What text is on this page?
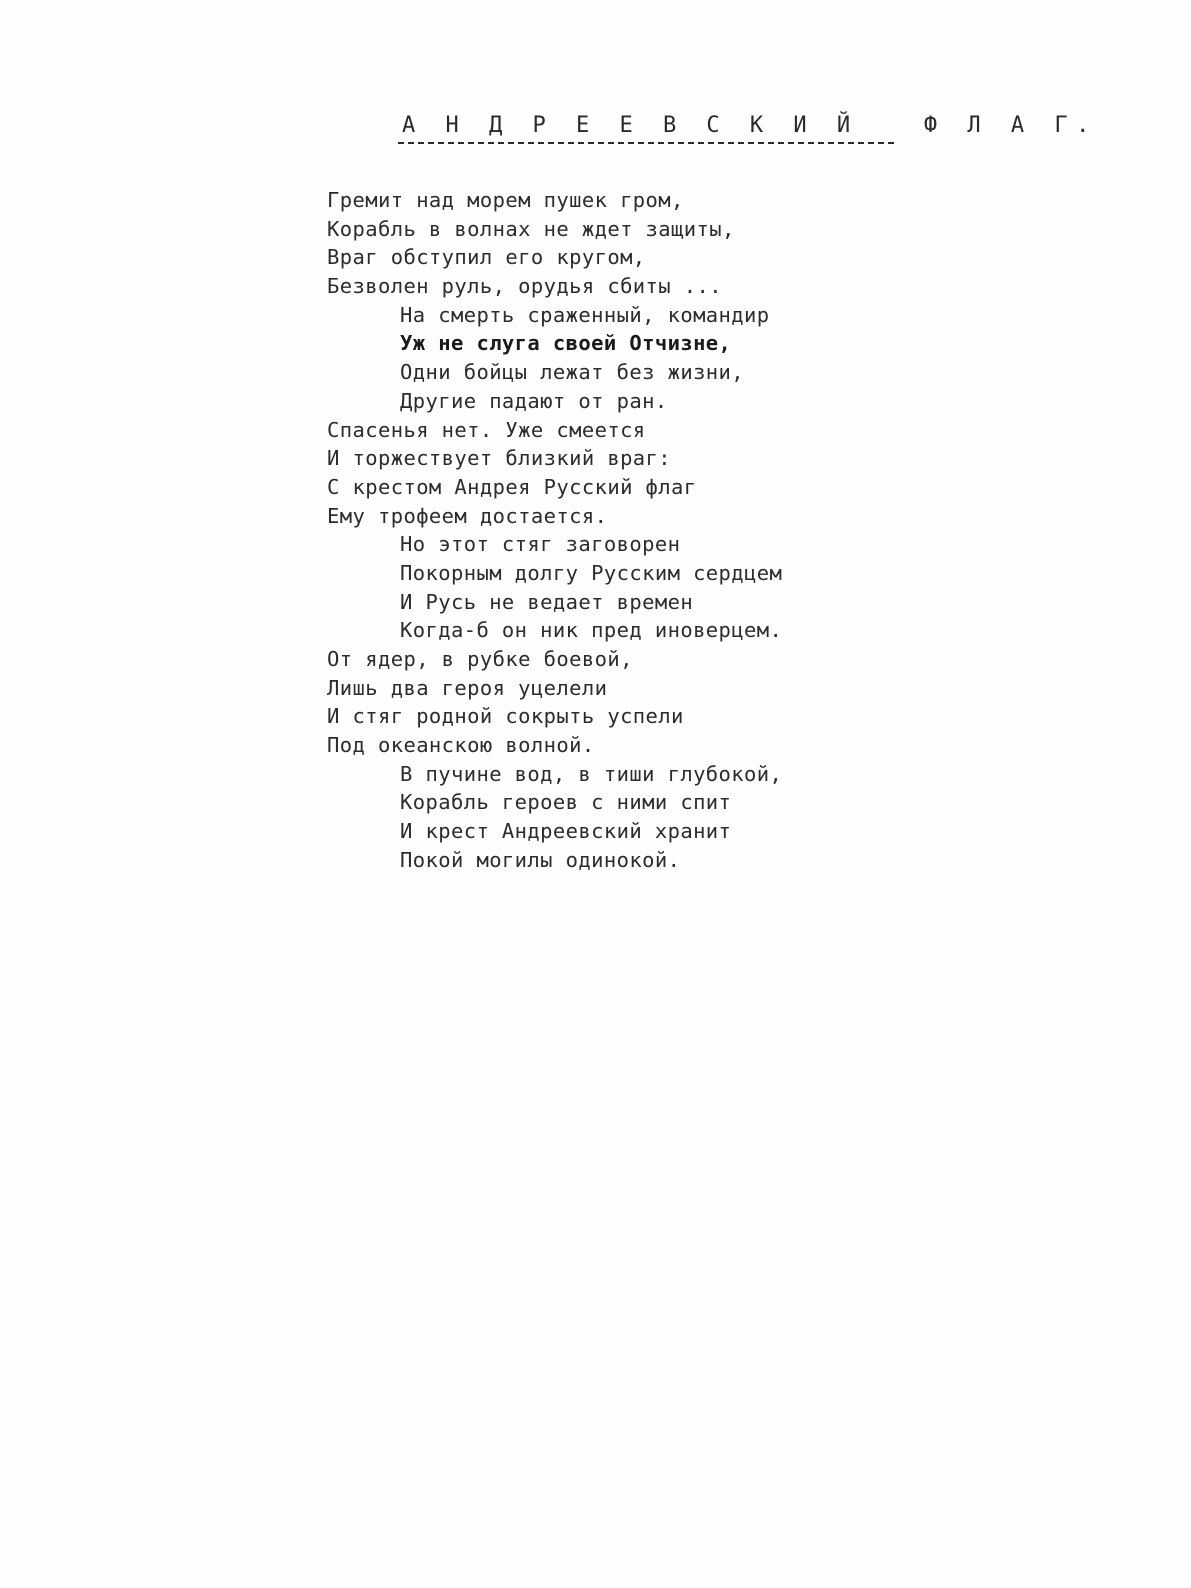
А Н Д Р Е Е В С К И Й   Ф Л А Г.
Гремит над морем пушек гром,
Корабль в волнах не ждет защиты,
Враг обступил его кругом,
Безволен руль, орудья сбиты ...
На смерть сраженный, командир
Уж не слуга своей Отчизне,
Одни бойцы лежат без жизни,
Другие падают от ран.
Спасенья нет. Уже смеется
И торжествует близкий враг:
С крестом Андрея Русский флаг
Ему трофеем достается.
Но этот стяг заговорен
Покорным долгу Русским сердцем
И Русь не ведает времен
Когда-б он ник пред иноверцем.
От ядер, в рубке боевой,
Лишь два героя уцелели
И стяг родной сокрыть успели
Под океанскою волной.
В пучине вод, в тиши глубокой,
Корабль героев с ними спит
И крест Андреевский хранит
Покой могилы одинокой.
